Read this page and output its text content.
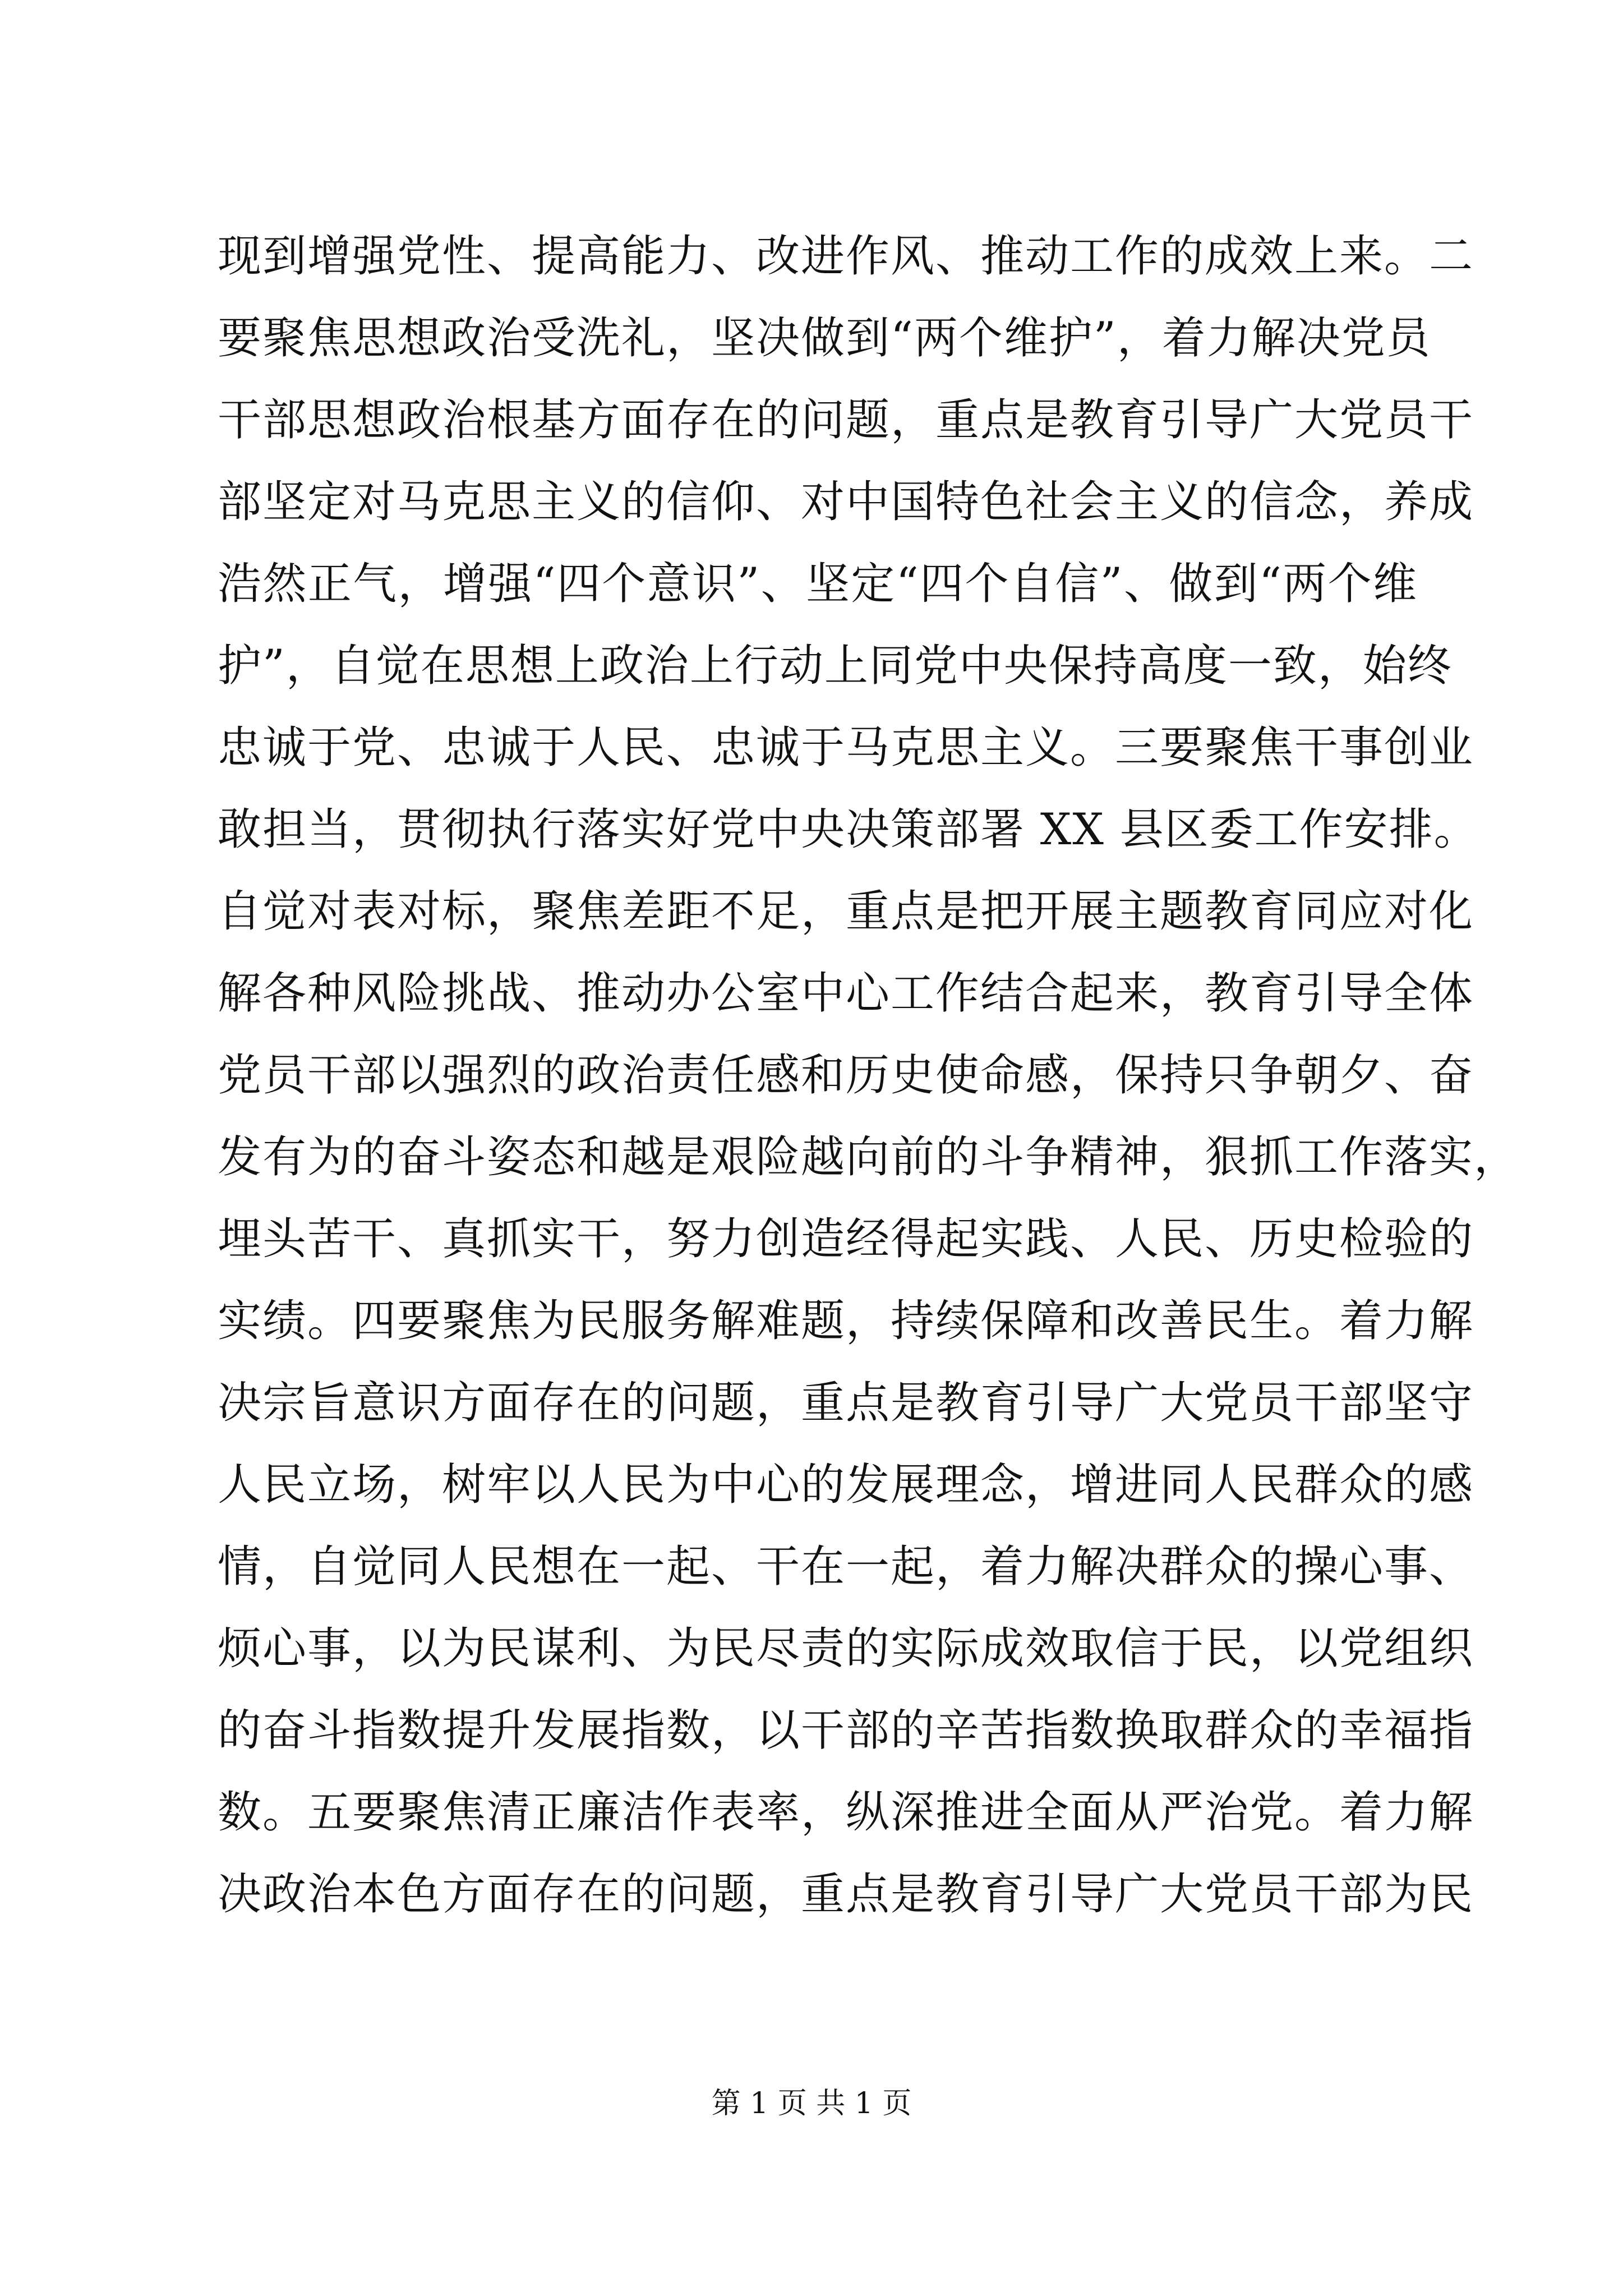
现到增强党性、提高能力、改进作风、推动工作的成效上来。二
要聚焦思想政治受洗礼，坚决做到“两个维护”，着力解决党员
干部思想政治根基方面存在的问题，重点是教育引导广大党员干
部坚定对马克思主义的信仰、对中国特色社会主义的信念，养成
浩然正气，增强“四个意识”、坚定“四个自信”、做到“两个维
护”，自觉在思想上政治上行动上同党中央保持高度一致，始终
忠诚于党、忠诚于人民、忠诚于马克思主义。三要聚焦干事创业
敢担当，贯彻执行落实好党中央决策部署 XX 县区委工作安排。
自觉对表对标，聚焦差距不足，重点是把开展主题教育同应对化
解各种风险挑战、推动办公室中心工作结合起来，教育引导全体
党员干部以强烈的政治责任感和历史使命感，保持只争朝夕、奋
发有为的奋斗姿态和越是艰险越向前的斗争精神，狠抓工作落实，
埋头苦干、真抓实干，努力创造经得起实践、人民、历史检验的
实绩。四要聚焦为民服务解难题，持续保障和改善民生。着力解
决宗旨意识方面存在的问题，重点是教育引导广大党员干部坚守
人民立场，树牢以人民为中心的发展理念，增进同人民群众的感
情，自觉同人民想在一起、干在一起，着力解决群众的操心事、
烦心事，以为民谋利、为民尽责的实际成效取信于民，以党组织
的奋斗指数提升发展指数，以干部的辛苦指数换取群众的幸福指
数。五要聚焦清正廉洁作表率，纵深推进全面从严治党。着力解
决政治本色方面存在的问题，重点是教育引导广大党员干部为民
第 1 页 共 1 页
